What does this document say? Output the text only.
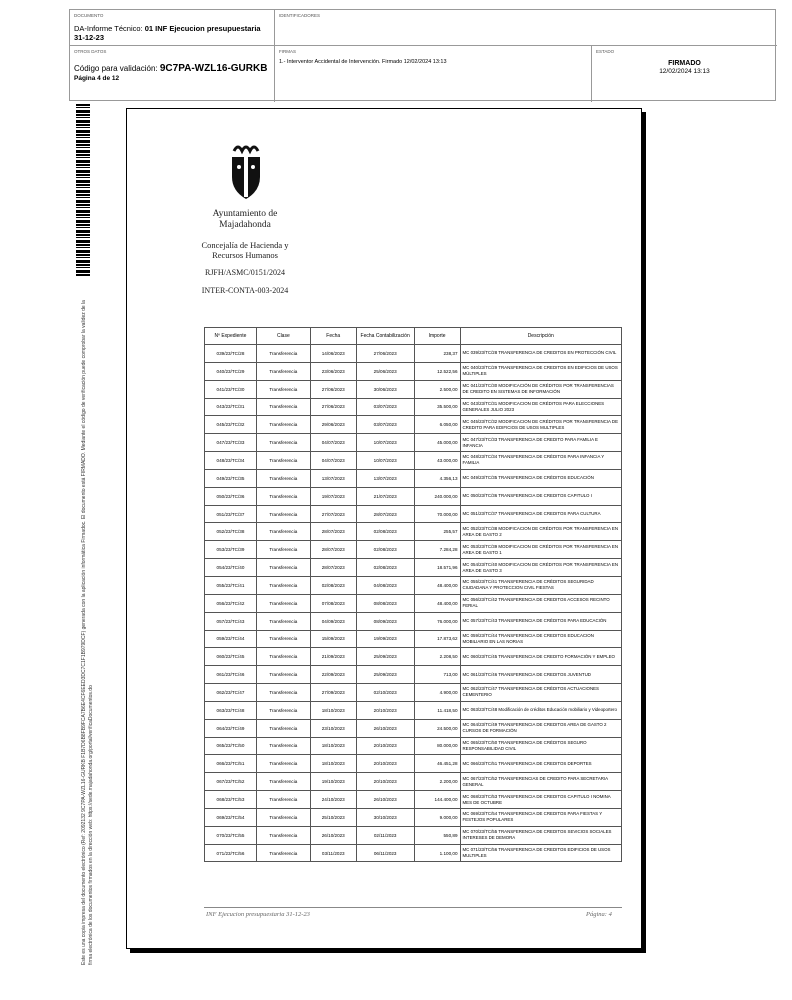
DOCUMENTO
DA-Informe Técnico: 01 INF Ejecucion presupuestaria 31-12-23
IDENTIFICADORES
OTROS DATOS
Código para validación: 9C7PA-WZL16-GURKB
Página 4 de 12
FIRMAS
1.- Interventor Accidental de Intervención. Firmado 12/02/2024 13:13
ESTADO
FIRMADO
12/02/2024 13:13
Este es una copia impresa del documento electrónico (Ref: 2092132 9C7PA-WZL16-GURKB F1B7D6B8FB9FCA7B6E4CF6EED3DC7C1F1B979DCF) generada con la aplicación informática Firmadoc. El documento está FIRMADO. Mediante el código de verificación puede comprobar la validez de la firma electrónica de los documentos firmados en la dirección web: https://sede.majadahonda.org/portal/verificaDocumentos.do
Ayuntamiento de Majadahonda
Concejalía de Hacienda y Recursos Humanos
RJFH/ASMC/0151/2024
INTER-CONTA-003-2024
Nº Expediente	Clase	Fecha	Fecha Contabilización	Importe	Descripción
039/23/TC/28	Transferencia	14/06/2023	27/06/2023	238,37	MC 039/23/TC/28 TRANSFERENCIA DE CREDITOS EN PROTECCIÓN CIVIL
040/23/TC/29	Transferencia	23/06/2023	25/06/2023	12.522,56	MC 040/23/TC/29 TRANSFERENCIA DE CREDITOS EN EDIFICIOS DE USOS MÚLTIPLES
041/23/TC/30	Transferencia	27/06/2023	30/06/2023	2.500,00	MC 041/23/TC/30 MODIFICACIÓN DE CRÉDITOS POR TRANSFERENCIAS DE CREDITO EN SISTEMAS DE INFORMACIÓN
043/23/TC/31	Transferencia	27/06/2023	03/07/2023	35.500,00	MC 043/23/TC/31 MODIFICACION DE CRÉDITOS PARA ELECCIONES GENERALES JULIO 2023
045/23/TC/32	Transferencia	29/06/2023	03/07/2023	6.050,00	MC 045/23/TC/32 MODIFICACION DE CRÉDITOS POR TRANSFERENCIA DE CREDITO PARA EDIFICIOS DE USOS MULTIPLES
047/23/TC/33	Transferencia	04/07/2023	10/07/2023	45.000,00	MC 047/23/TC/33 TRANSFERENCIA DE CREDITO PARA FAMILIA E INFANCIA
048/23/TC/34	Transferencia	04/07/2023	10/07/2023	43.000,00	MC 048/23/TC/34 TRANSFERENCIA DE CRÉDITOS PARA INFANCIA Y FAMILIA
049/23/TC/35	Transferencia	13/07/2023	13/07/2023	4.356,13	MC 049/23/TC/35 TRANSFERENCIA DE CRÉDITOS EDUCACIÓN
050/23/TC/36	Transferencia	19/07/2023	21/07/2023	240.000,00	MC 050/23/TC/36 TRANSFERENCIA DE CREDITOS CAPITULO I
051/23/TC/37	Transferencia	27/07/2023	28/07/2023	70.000,00	MC 051/23/TC/37 TRANSFERENCIA DE CREDITOS PARA CULTURA
052/23/TC/38	Transferencia	28/07/2023	02/08/2023	255,57	MC 052/23/TC/38 MODIFICACION DE CRÉDITOS POR TRANSFERENCIA EN AREA DE GASTO 2
053/23/TC/39	Transferencia	28/07/2023	02/08/2023	7.284,28	MC 053/23/TC/39 MODIFICACION DE CRÉDITOS POR TRANSFERENCIA EN AREA DE GASTO 1
054/23/TC/40	Transferencia	28/07/2023	02/08/2023	18.571,96	MC 054/23/TC/40 MODIFICACION DE CRÉDITOS POR TRANSFERENCIA EN AREA DE GASTO 3
055/23/TC/41	Transferencia	02/08/2023	04/08/2023	48.400,00	MC 055/23/TC/41 TRANSFERENCIA DE CRÉDITOS SEGURIDAD CIUDADANA Y PROTECCION CIVIL FIESTAS
056/23/TC/42	Transferencia	07/08/2023	08/08/2023	48.400,00	MC 056/23/TC/42 TRANSFERENCIA DE CREDITOS ACCESOS RECINTO FERIAL
057/23/TC/43	Transferencia	04/09/2023	08/09/2023	76.000,00	MC 057/23/TC/43 TRANSFERENCIA DE CRÉDITOS PARA EDUCACIÓN
059/23/TC/44	Transferencia	15/09/2023	19/09/2023	17.873,62	MC 059/23/TC/44 TRANSFERENCIA DE CREDITOS EDUCACION MOBILIARIO EN LAS NORIAS
060/23/TC/45	Transferencia	21/09/2023	25/09/2023	2.208,50	MC 060/23/TC/45 TRANSFERENCIA DE CREDITO FORMACIÓN Y EMPLEO
061/23/TC/46	Transferencia	22/09/2023	25/09/2023	713,00	MC 061/23/TC/46 TRANSFERENCIA DE CREDITOS JUVENTUD
062/23/TC/47	Transferencia	27/09/2023	02/10/2023	4.900,00	MC 062/23/TC/47 TRANSFERENCIA DE CRÉDITOS ACTUACIONES CEMENTERIO
063/23/TC/48	Transferencia	18/10/2023	20/10/2023	11.418,50	MC 063/23/TC/48 Modificación de créditos Educación mobiliario y Videoportero
064/23/TC/49	Transferencia	23/10/2023	26/10/2023	24.500,00	MC 064/23/TC/49 TRANSFERENCIA DE CREDITOS AREA DE GASTO 2 CURSOS DE FORMACIÓN
065/23/TC/50	Transferencia	18/10/2023	20/10/2023	80.000,00	MC 065/23/TC/50 TRANSFERENCIA DE CRÉDITOS SEGURO RESPONSABILIDAD CIVIL
066/23/TC/51	Transferencia	18/10/2023	20/10/2023	46.451,28	MC 066/23/TC/51 TRANSFERENCIA DE CREDITOS DEPORTES
067/23/TC/52	Transferencia	19/10/2023	20/10/2023	2.200,00	MC 067/23/TC/52 TRANSFERENCIAS DE CREDITO PARA SECRETARIA GENERAL
068/23/TC/53	Transferencia	24/10/2023	26/10/2023	144.400,00	MC 068/23/TC/53 TRANSFERENCIA DE CREDITOS CAPITULO I NOMINA MES DE OCTUBRE
069/23/TC/54	Transferencia	25/10/2023	30/10/2023	9.000,00	MC 069/23/TC/54 TRANSFERENCIA DE CREDITOS PARA FIESTAS Y FESTEJOS POPULARES
070/23/TC/55	Transferencia	26/10/2023	02/11/2023	550,89	MC 070/23/TC/55 TRANSFERENCIA DE CREDITOS SEVICIOS SOCIALES INTERESES DE DEMORA
071/23/TC/56	Transferencia	03/11/2023	06/11/2023	1.100,00	MC 071/23/TC/56 TRANSFERENCIA DE CREDITOS EDIFICIOS DE USOS MULTIPLES
INF Ejecucion presupuestaria 31-12-23	Página: 4
